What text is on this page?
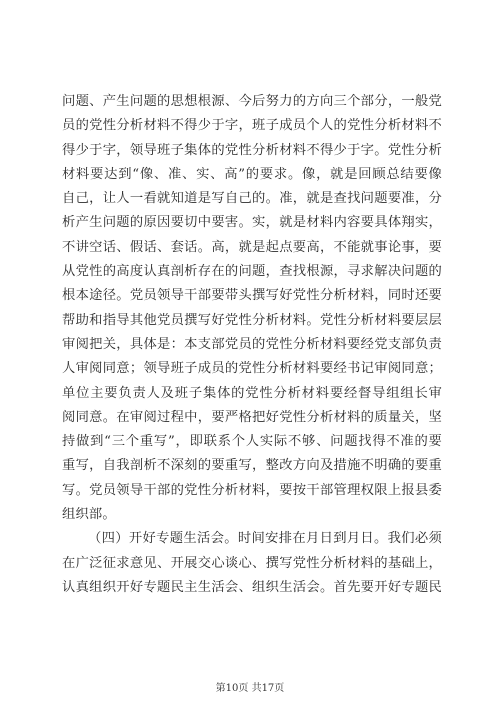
问题、产生问题的思想根源、今后努力的方向三个部分，一般党
员的党性分析材料不得少于字，班子成员个人的党性分析材料不
得少于字，领导班子集体的党性分析材料不得少于字。党性分析
材料要达到“像、准、实、高”的要求。像，就是回顾总结要像
自己，让人一看就知道是写自己的。准，就是查找问题要准，分
析产生问题的原因要切中要害。实，就是材料内容要具体翔实，
不讲空话、假话、套话。高，就是起点要高，不能就事论事，要
从党性的高度认真剖析存在的问题，查找根源，寻求解决问题的
根本途径。党员领导干部要带头撰写好党性分析材料，同时还要
帮助和指导其他党员撰写好党性分析材料。党性分析材料要层层
审阅把关，具体是：本支部党员的党性分析材料要经党支部负责
人审阅同意；领导班子成员的党性分析材料要经书记审阅同意；
单位主要负责人及班子集体的党性分析材料要经督导组组长审
阅同意。在审阅过程中，要严格把好党性分析材料的质量关，坚
持做到“三个重写”，即联系个人实际不够、问题找得不准的要
重写，自我剖析不深刻的要重写，整改方向及措施不明确的要重
写。党员领导干部的党性分析材料，要按干部管理权限上报县委
组织部。
（四）开好专题生活会。时间安排在月日到月日。我们必须
在广泛征求意见、开展交心谈心、撰写党性分析材料的基础上，
认真组织开好专题民主生活会、组织生活会。首先要开好专题民
第10页 共17页
